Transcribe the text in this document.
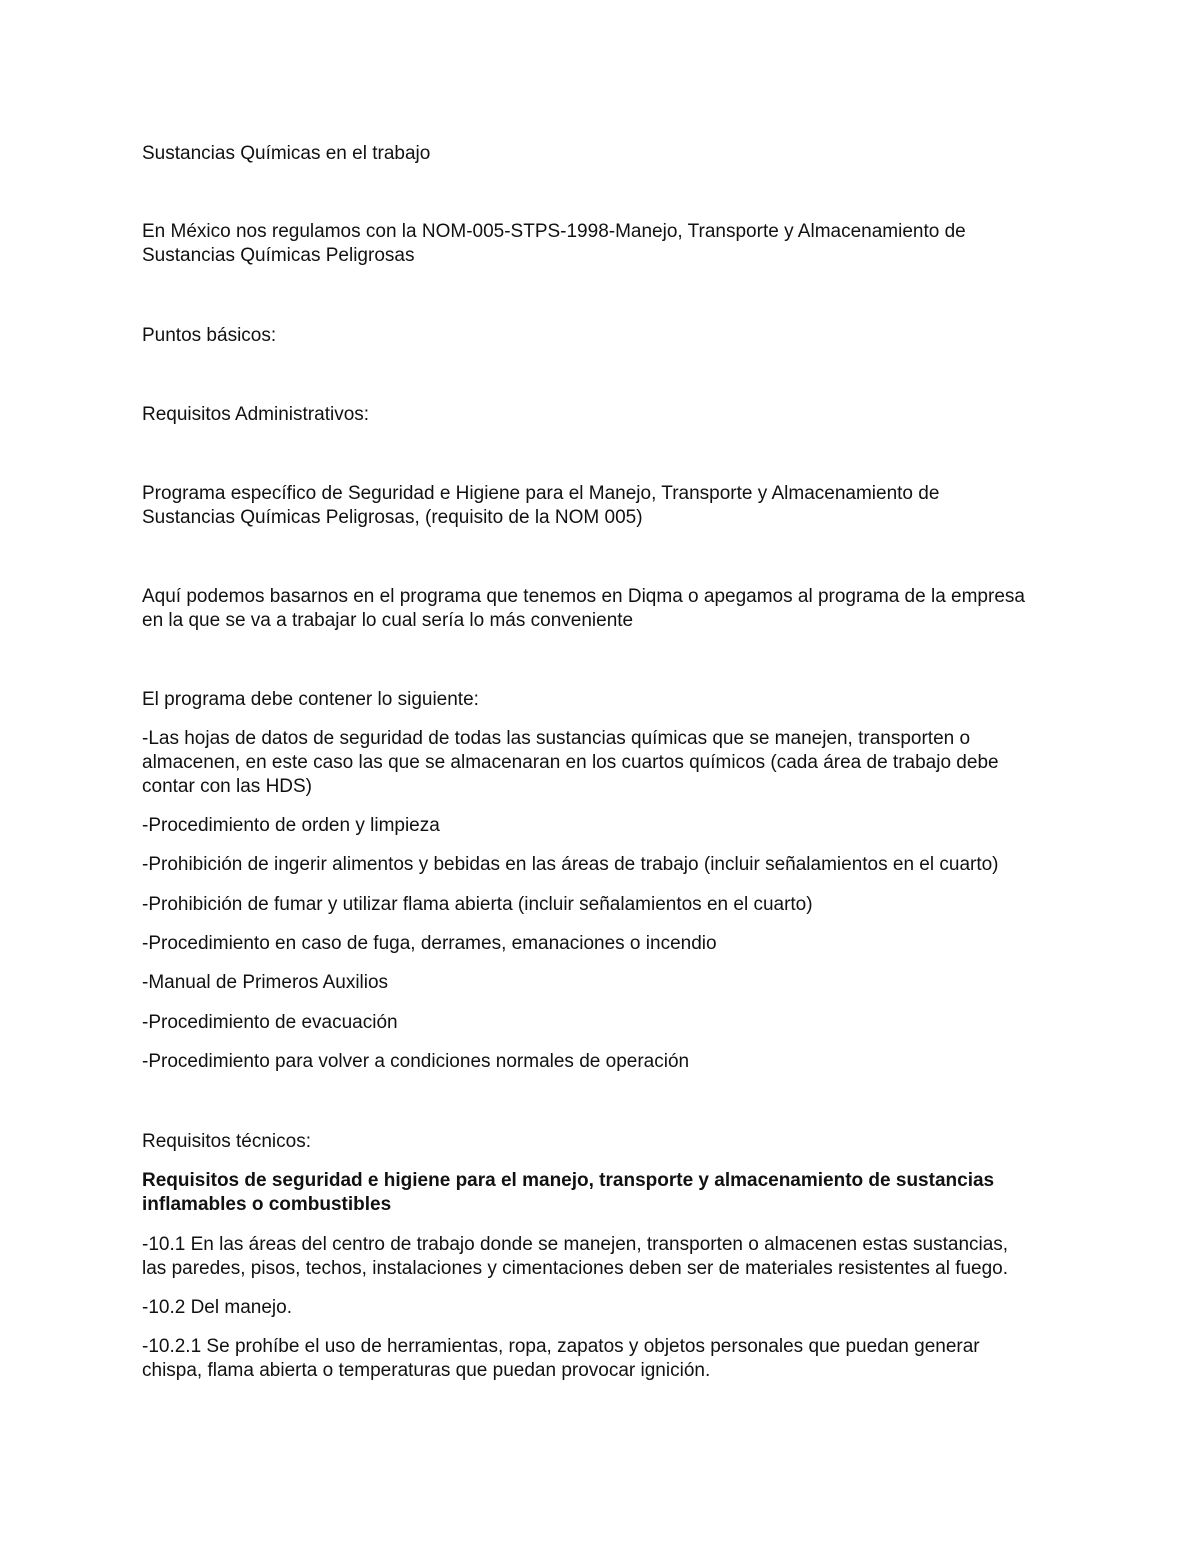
Sustancias Químicas en el trabajo

En México nos regulamos con la NOM-005-STPS-1998-Manejo, Transporte y Almacenamiento de

Sustancias Químicas Peligrosas

Puntos básicos:

Requisitos Administrativos:

Programa específico de Seguridad e Higiene para el Manejo, Transporte y Almacenamiento de

Sustancias Químicas Peligrosas, (requisito de la NOM 005)

Aquí podemos basarnos en el programa que tenemos en Diqma o apegamos al programa de la empresa

en la que se va a trabajar lo cual sería lo más conveniente

El programa debe contener lo siguiente:

-Las hojas de datos de seguridad de todas las sustancias químicas que se manejen, transporten o

almacenen, en este caso las que se almacenaran en los cuartos químicos (cada área de trabajo debe

contar con las HDS)

-Procedimiento de orden y limpieza

-Prohibición de ingerir alimentos y bebidas en las áreas de trabajo (incluir señalamientos en el cuarto)

-Prohibición de fumar y utilizar flama abierta (incluir señalamientos en el cuarto)

-Procedimiento en caso de fuga, derrames, emanaciones o incendio

-Manual de Primeros Auxilios

-Procedimiento de evacuación

-Procedimiento para volver a condiciones normales de operación

Requisitos técnicos:

Requisitos de seguridad e higiene para el manejo, transporte y almacenamiento de sustancias

inflamables o combustibles

-10.1 En las áreas del centro de trabajo donde se manejen, transporten o almacenen estas sustancias,

las paredes, pisos, techos, instalaciones y cimentaciones deben ser de materiales resistentes al fuego.

-10.2 Del manejo.

-10.2.1 Se prohíbe el uso de herramientas, ropa, zapatos y objetos personales que puedan generar

chispa, flama abierta o temperaturas que puedan provocar ignición.
